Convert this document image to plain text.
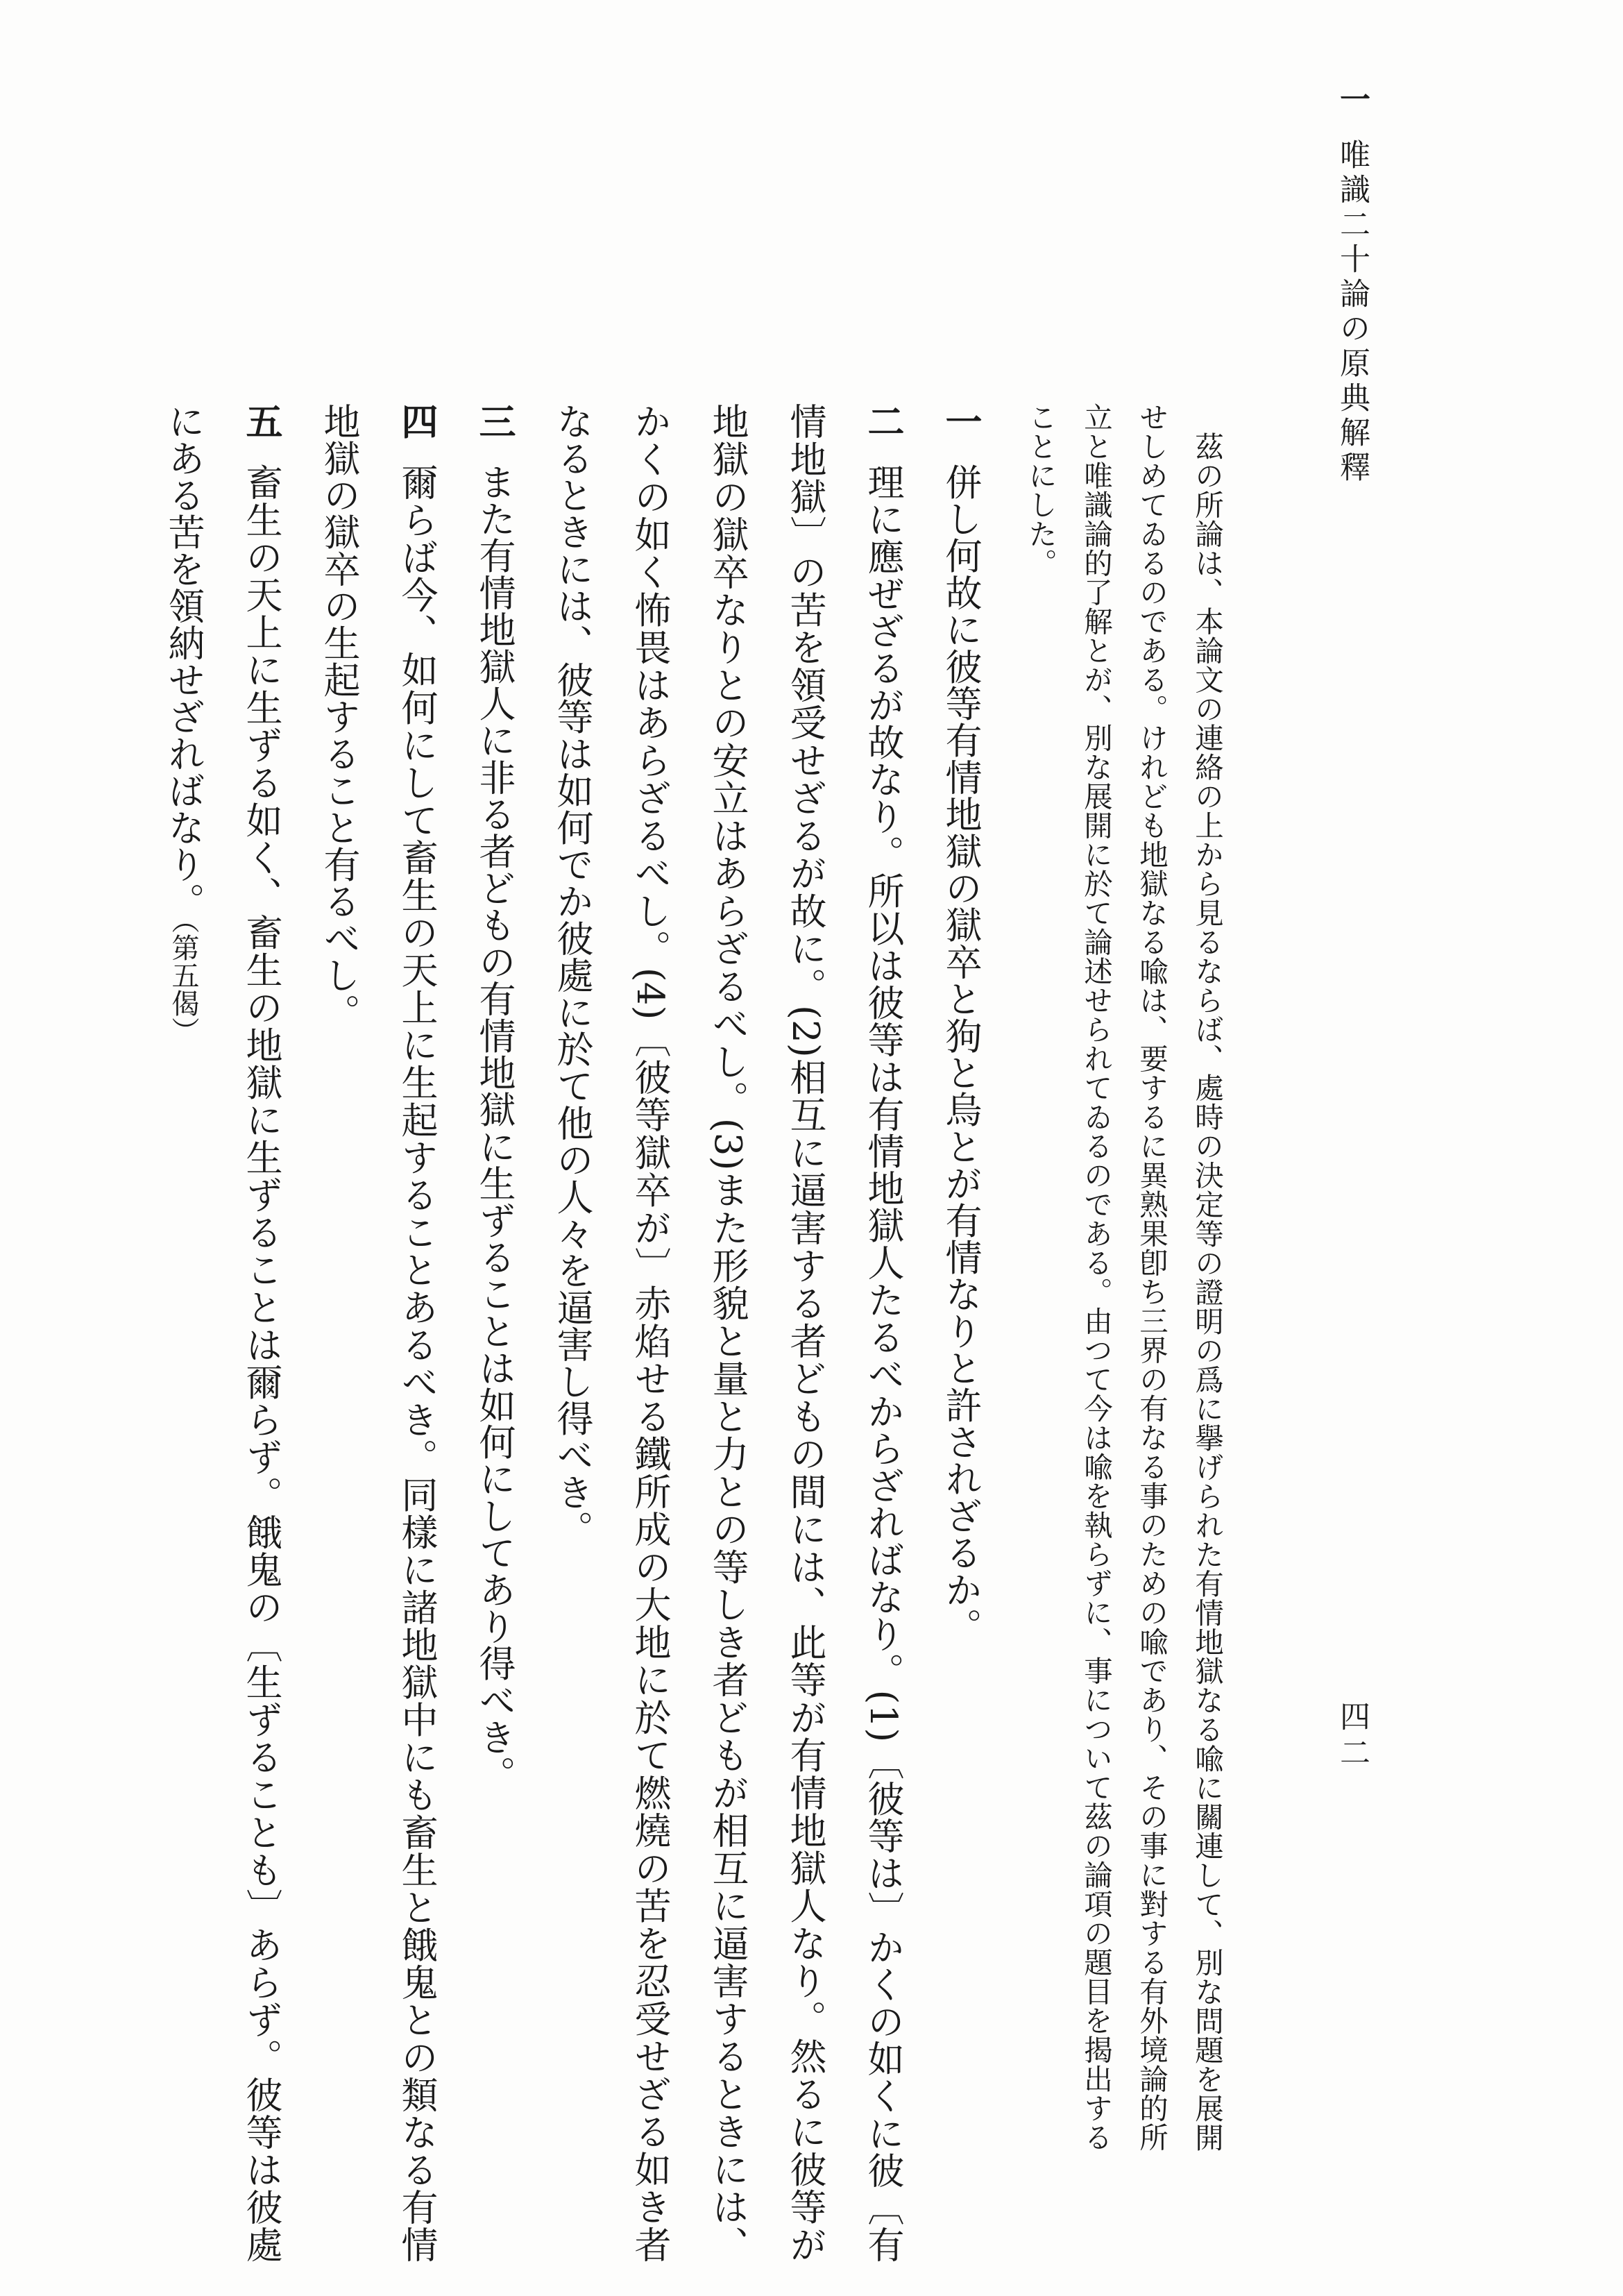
一唯識二十論の原典解釋
四二
茲の所論は、本論文の連絡の上から見るならば、處時の決定等の證明の爲に擧げられた有情地獄なる喩に關連して、別な問題を展開せしめてゐるのである。けれども地獄なる喩は、要するに異熟果卽ち三界の有なる事のための喩であり、その事に對する有外境論的所立と唯識論的了解とが、別な展開に於て論述せられてゐるのである。由つて今は喩を執らずに、事について茲の論項の題目を揭出することにした。

一併し何故に彼等有情地獄の獄卒と狗と烏とが有情なりと許されざるか。

二理に應ぜざるが故なり。所以は彼等は有情地獄人たるべからざればなり。(1)〔彼等は〕かくの如くに彼〔有情地獄〕の苦を領受せざるが故に。(2)相互に逼害する者どもの間には、此等が有情地獄人なり。然るに彼等が地獄の獄卒なりとの安立はあらざるべし。(3)また形貌と量と力との等しき者どもが相互に逼害するときには、かくの如く怖畏はあらざるべし。(4)〔彼等獄卒が〕赤焰せる鐵所成の大地に於て燃燒の苦を忍受せざる如き者なるときには、彼等は如何でか彼處に於て他の人々を逼害し得べき。

三また有情地獄人に非る者どもの有情地獄に生ずることは如何にしてあり得べき。

四爾らば今、如何にして畜生の天上に生起することあるべき。同樣に諸地獄中にも畜生と餓鬼との類なる有情地獄の獄卒の生起すること有るべし。

五畜生の天上に生ずる如く、畜生の地獄に生ずることは爾らず。餓鬼の〔生ずることも〕あらず。彼等は彼處にある苦を領納せざればなり。（第五偈）
